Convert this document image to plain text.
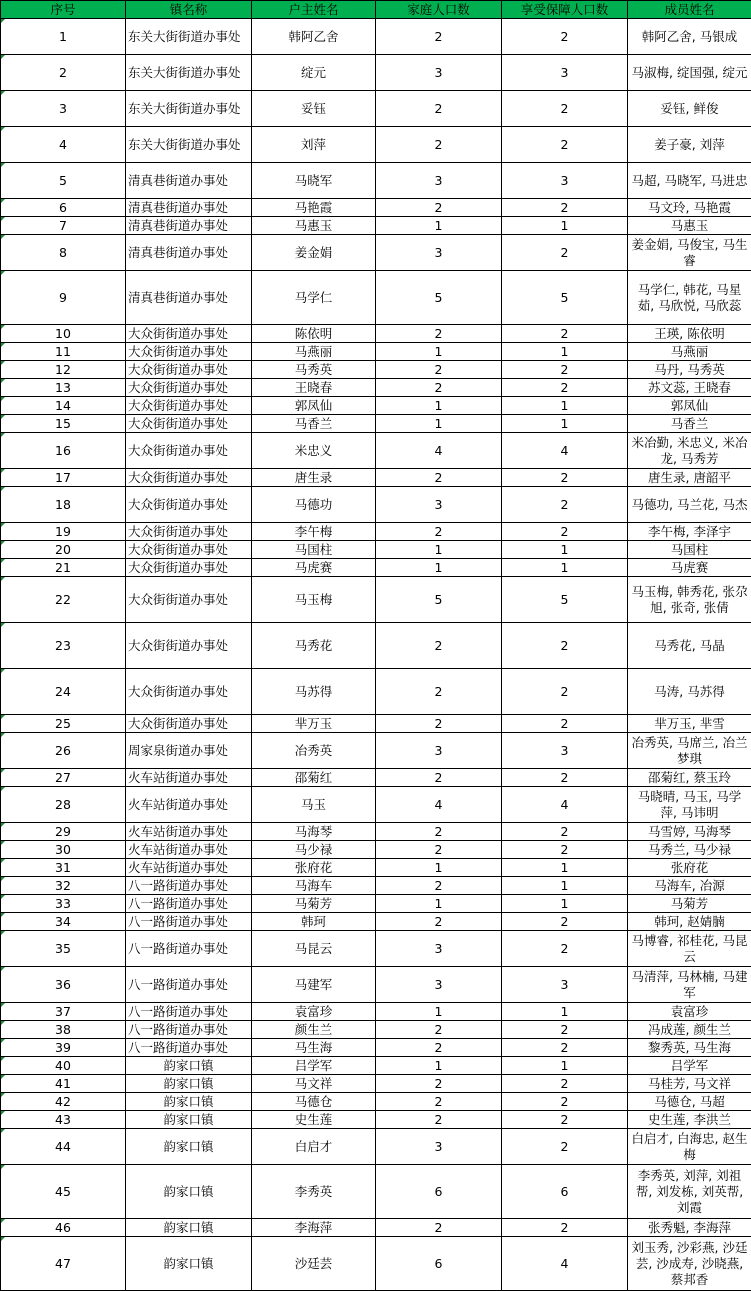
序号	镇名称	户主姓名	家庭人口数	享受保障人口数	成员姓名
1	东关大街街道办事处	韩阿乙舍	2	2	韩阿乙舍, 马银成
2	东关大街街道办事处	绽元	3	3	马淑梅, 绽国强, 绽元
3	东关大街街道办事处	妥钰	2	2	妥钰, 鲜俊
4	东关大街街道办事处	刘萍	2	2	姜子豪, 刘萍
5	清真巷街道办事处	马晓军	3	3	马超, 马晓军, 马进忠
6	清真巷街道办事处	马艳霞	2	2	马文玲, 马艳霞
7	清真巷街道办事处	马惠玉	1	1	马惠玉
8	清真巷街道办事处	姜金娟	3	2	姜金娟, 马俊宝, 马生睿
9	清真巷街道办事处	马学仁	5	5	马学仁, 韩花, 马星茹, 马欣悦, 马欣蕊
10	大众街街道办事处	陈依明	2	2	王瑛, 陈依明
11	大众街街道办事处	马燕丽	1	1	马燕丽
12	大众街街道办事处	马秀英	2	2	马丹, 马秀英
13	大众街街道办事处	王晓春	2	2	苏文蕊, 王晓春
14	大众街街道办事处	郭凤仙	1	1	郭凤仙
15	大众街街道办事处	马香兰	1	1	马香兰
16	大众街街道办事处	米忠义	4	4	米冶勤, 米忠义, 米冶龙, 马秀芳
17	大众街街道办事处	唐生录	2	2	唐生录, 唐韶平
18	大众街街道办事处	马德功	3	2	马德功, 马兰花, 马杰
19	大众街街道办事处	李午梅	2	2	李午梅, 李泽宇
20	大众街街道办事处	马国柱	1	1	马国柱
21	大众街街道办事处	马虎赛	1	1	马虎赛
22	大众街街道办事处	马玉梅	5	5	马玉梅, 韩秀花, 张尕旭, 张奇, 张倩
23	大众街街道办事处	马秀花	2	2	马秀花, 马晶
24	大众街街道办事处	马苏得	2	2	马涛, 马苏得
25	大众街街道办事处	芈万玉	2	2	芈万玉, 芈雪
26	周家泉街道办事处	冶秀英	3	3	冶秀英, 马席兰, 冶兰梦琪
27	火车站街道办事处	邵菊红	2	2	邵菊红, 蔡玉玲
28	火车站街道办事处	马玉	4	4	马晓晴, 马玉, 马学萍, 马讳明
29	火车站街道办事处	马海琴	2	2	马雪婷, 马海琴
30	火车站街道办事处	马少禄	2	2	马秀兰, 马少禄
31	火车站街道办事处	张府花	1	1	张府花
32	八一路街道办事处	马海车	2	1	马海车, 冶源
33	八一路街道办事处	马菊芳	1	1	马菊芳
34	八一路街道办事处	韩珂	2	2	韩珂, 赵婧腩
35	八一路街道办事处	马昆云	3	2	马博睿, 祁桂花, 马昆云
36	八一路街道办事处	马建军	3	3	马清萍, 马林楠, 马建军
37	八一路街道办事处	袁富珍	1	1	袁富珍
38	八一路街道办事处	颜生兰	2	2	冯成莲, 颜生兰
39	八一路街道办事处	马生海	2	2	黎秀英, 马生海
40	韵家口镇	吕学军	1	1	吕学军
41	韵家口镇	马文祥	2	2	马桂芳, 马文祥
42	韵家口镇	马德仓	2	2	马德仓, 马超
43	韵家口镇	史生莲	2	2	史生莲, 李洪兰
44	韵家口镇	白启才	3	2	白启才, 白海忠, 赵生梅
45	韵家口镇	李秀英	6	6	李秀英, 刘萍, 刘祖帮, 刘发栋, 刘英帮, 刘霞
46	韵家口镇	李海萍	2	2	张秀魁, 李海萍
47	韵家口镇	沙廷芸	6	4	刘玉秀, 沙彩燕, 沙廷芸, 沙成寿, 沙晓燕, 蔡邦香
